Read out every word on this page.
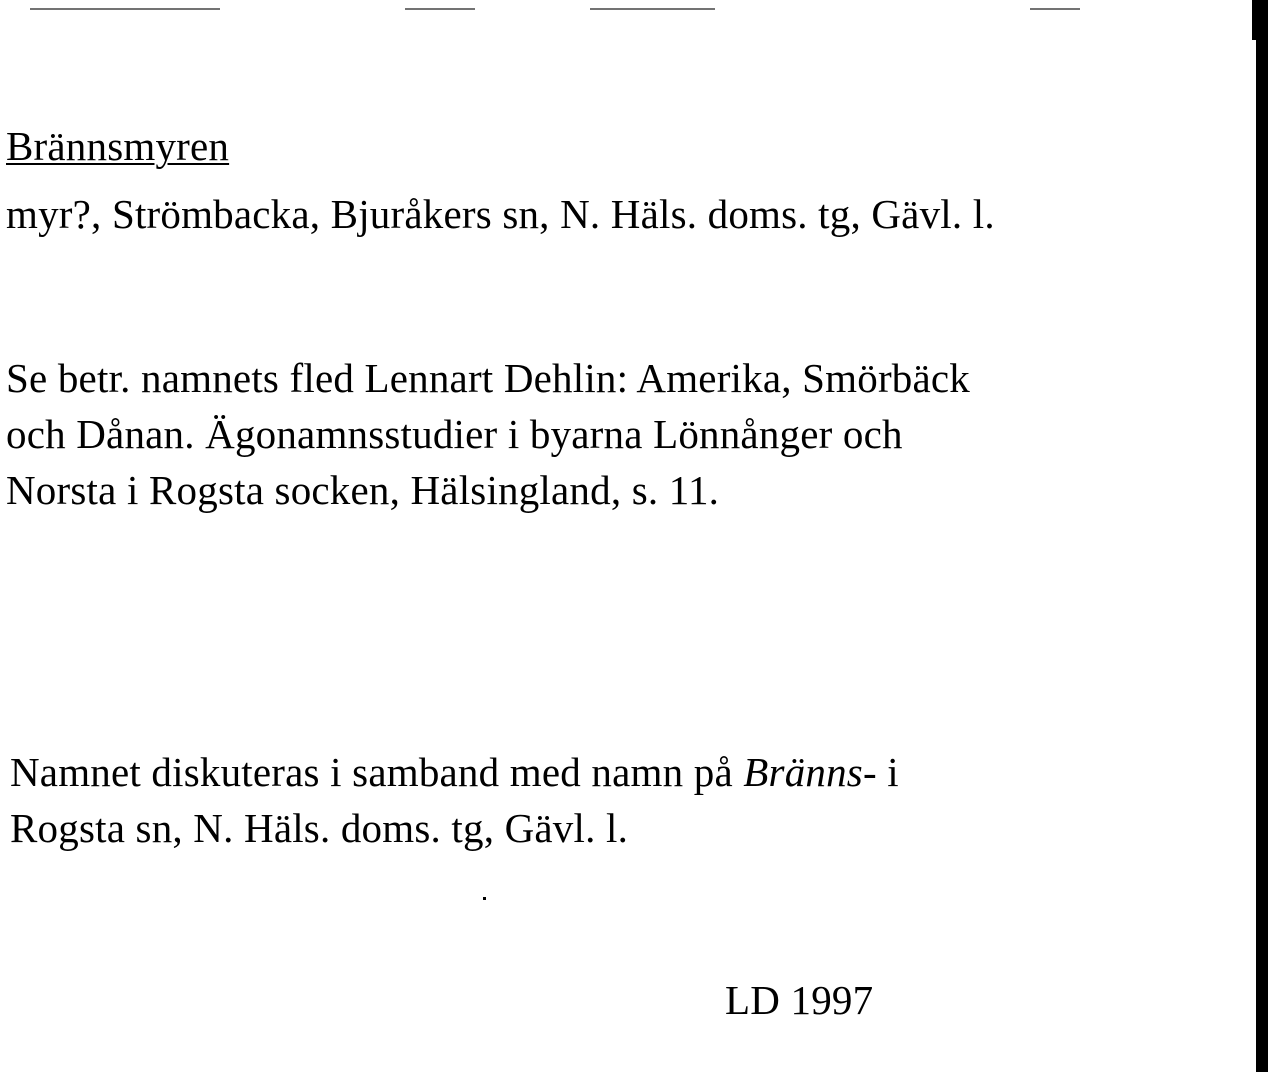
Brännsmyren

myr?, Strömbacka, Bjuråkers sn, N. Häls. doms. tg, Gävl. l.

Se betr. namnets fled Lennart Dehlin: Amerika, Smörbäck
och Dånan. Ägonamnsstudier i byarna Lönnånger och
Norsta i Rogsta socken, Hälsingland, s. 11.

Namnet diskuteras i samband med namn på Bränns- i
Rogsta sn, N. Häls. doms. tg, Gävl. l.

LD 1997
